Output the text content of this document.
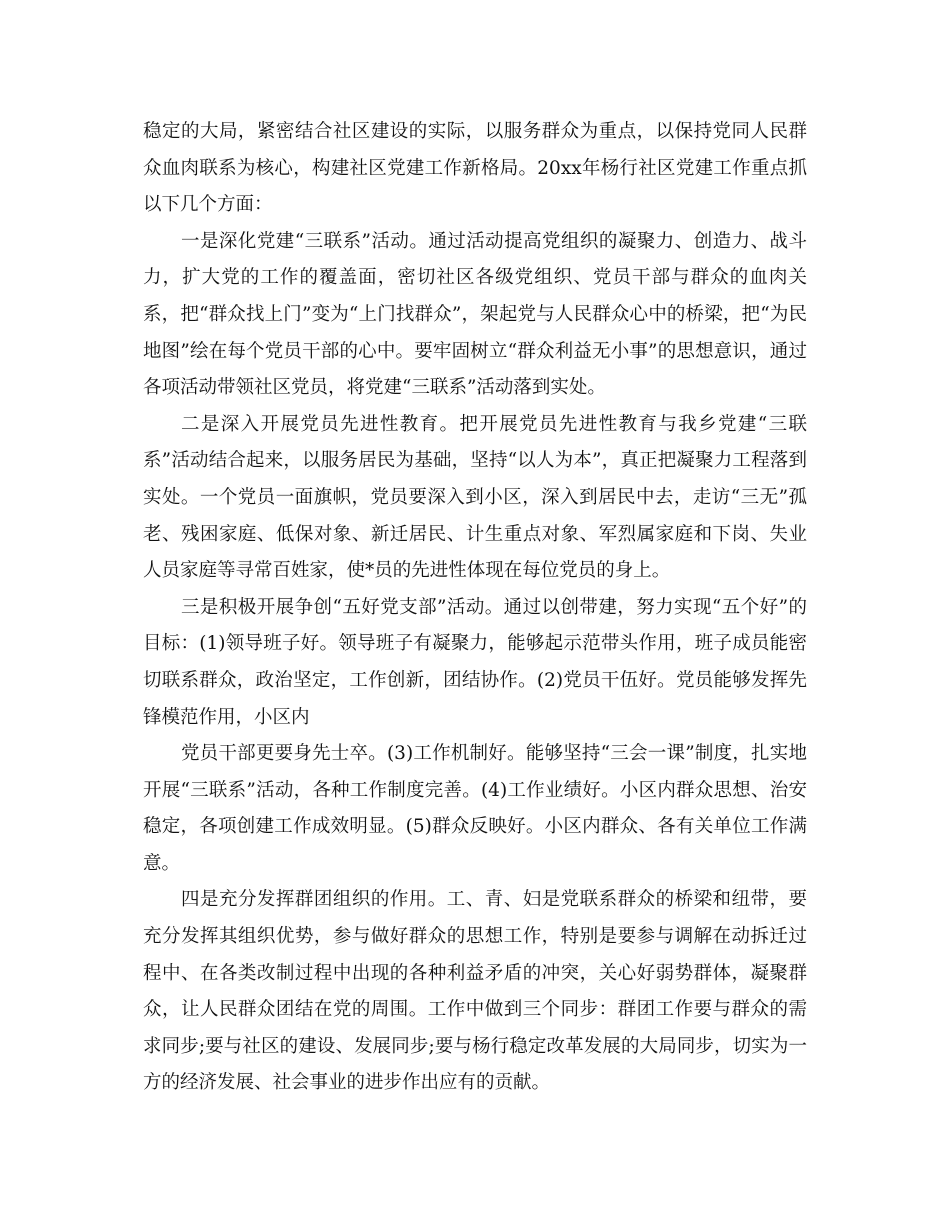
稳定的大局，紧密结合社区建设的实际，以服务群众为重点，以保持党同人民群众血肉联系为核心，构建社区党建工作新格局。20xx年杨行社区党建工作重点抓以下几个方面：

一是深化党建“三联系”活动。通过活动提高党组织的凝聚力、创造力、战斗力，扩大党的工作的覆盖面，密切社区各级党组织、党员干部与群众的血肉关系，把“群众找上门”变为“上门找群众”，架起党与人民群众心中的桥梁，把“为民地图”绘在每个党员干部的心中。要牢固树立“群众利益无小事”的思想意识，通过各项活动带领社区党员，将党建“三联系”活动落到实处。

二是深入开展党员先进性教育。把开展党员先进性教育与我乡党建“三联系”活动结合起来，以服务居民为基础，坚持“以人为本”，真正把凝聚力工程落到实处。一个党员一面旗帜，党员要深入到小区，深入到居民中去，走访“三无”孤老、残困家庭、低保对象、新迁居民、计生重点对象、军烈属家庭和下岗、失业人员家庭等寻常百姓家，使*员的先进性体现在每位党员的身上。

三是积极开展争创“五好党支部”活动。通过以创带建，努力实现“五个好”的目标：(1)领导班子好。领导班子有凝聚力，能够起示范带头作用，班子成员能密切联系群众，政治坚定，工作创新，团结协作。(2)党员干伍好。党员能够发挥先锋模范作用，小区内

党员干部更要身先士卒。(3)工作机制好。能够坚持“三会一课”制度，扎实地开展“三联系”活动，各种工作制度完善。(4)工作业绩好。小区内群众思想、治安稳定，各项创建工作成效明显。(5)群众反映好。小区内群众、各有关单位工作满意。

四是充分发挥群团组织的作用。工、青、妇是党联系群众的桥梁和纽带，要充分发挥其组织优势，参与做好群众的思想工作，特别是要参与调解在动拆迁过程中、在各类改制过程中出现的各种利益矛盾的冲突，关心好弱势群体，凝聚群众，让人民群众团结在党的周围。工作中做到三个同步：群团工作要与群众的需求同步;要与社区的建设、发展同步;要与杨行稳定改革发展的大局同步，切实为一方的经济发展、社会事业的进步作出应有的贡献。
